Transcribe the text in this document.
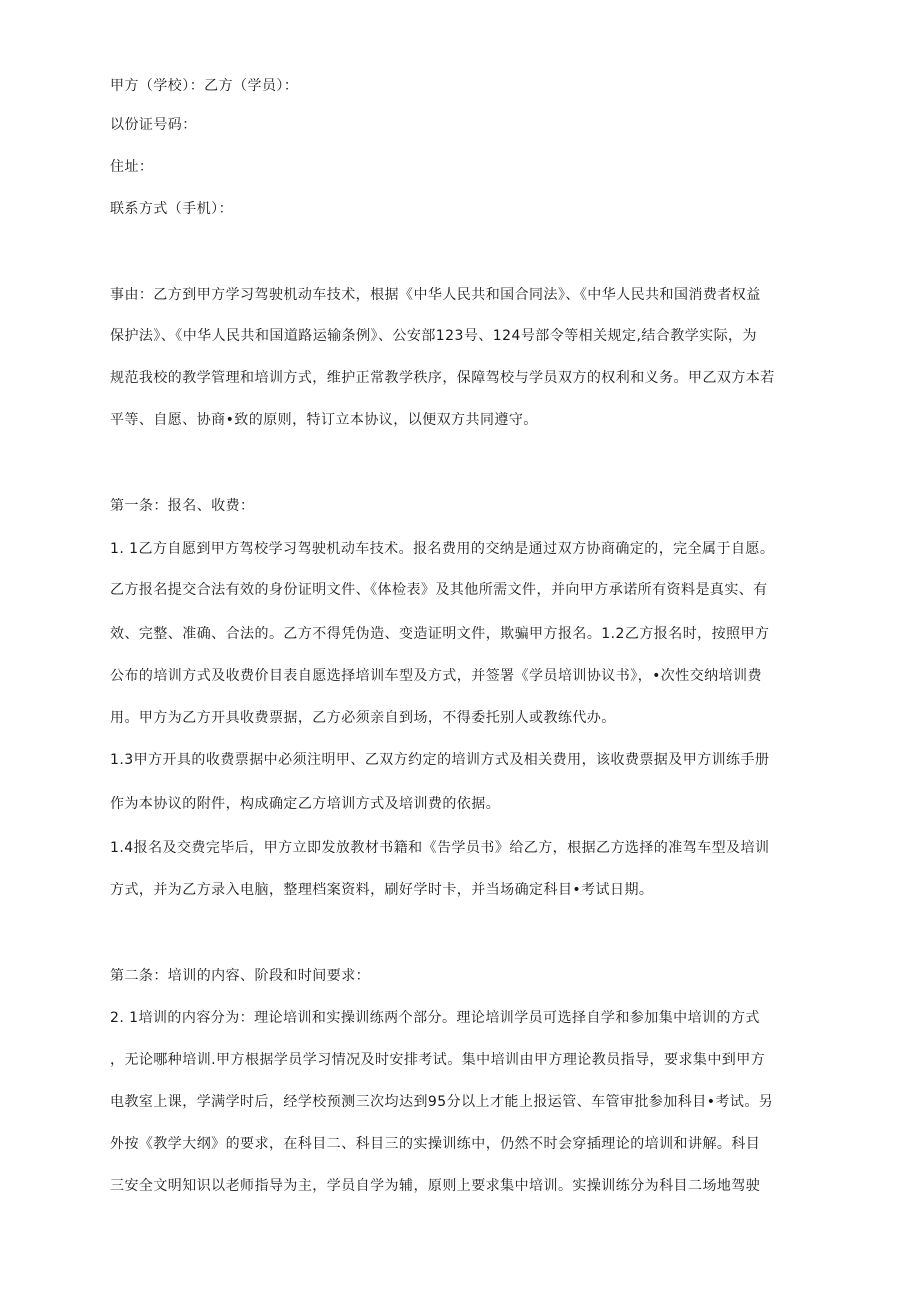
甲方（学校）：乙方（学员）：
以份证号码：
住址：
联系方式（手机）：
事由：乙方到甲方学习驾驶机动车技术，根据《中华人民共和国合同法》、《中华人民共和国消费者权益
保护法》、《中华人民共和国道路运输条例》、公安部123号、124号部令等相关规定,结合教学实际，为
规范我校的教学管理和培训方式，维护正常教学秩序，保障驾校与学员双方的权利和义务。甲乙双方本若
平等、自愿、协商•致的原则，特订立本协议，以便双方共同遵守。
第一条：报名、收费：
1. 1乙方自愿到甲方驾校学习驾驶机动车技术。报名费用的交纳是通过双方协商确定的，完全属于自愿。
乙方报名提交合法有效的身份证明文件、《体检表》及其他所需文件，并向甲方承诺所有资料是真实、有
效、完整、准确、合法的。乙方不得凭伪造、变造证明文件，欺骗甲方报名。1.2乙方报名时，按照甲方
公布的培训方式及收费价目表自愿选择培训车型及方式，并签署《学员培训协议书》，•次性交纳培训费
用。甲方为乙方开具收费票据，乙方必须亲自到场，不得委托别人或教练代办。
1.3甲方开具的收费票据中必须注明甲、乙双方约定的培训方式及相关费用，该收费票据及甲方训练手册
作为本协议的附件，构成确定乙方培训方式及培训费的依据。
1.4报名及交费完毕后，甲方立即发放教材书籍和《告学员书》给乙方，根据乙方选择的准驾车型及培训
方式，并为乙方录入电脑，整理档案资料，刷好学时卡，并当场确定科目•考试日期。
第二条：培训的内容、阶段和时间要求：
2. 1培训的内容分为：理论培训和实操训练两个部分。理论培训学员可选择自学和参加集中培训的方式
，无论哪种培训.甲方根据学员学习情况及时安排考试。集中培训由甲方理论教员指导，要求集中到甲方
电教室上课，学满学时后，经学校预测三次均达到95分以上才能上报运管、车管审批参加科目•考试。另
外按《教学大纲》的要求，在科目二、科目三的实操训练中，仍然不时会穿插理论的培训和讲解。科目
三安全文明知识以老师指导为主，学员自学为辅，原则上要求集中培训。实操训练分为科目二场地驾驶
